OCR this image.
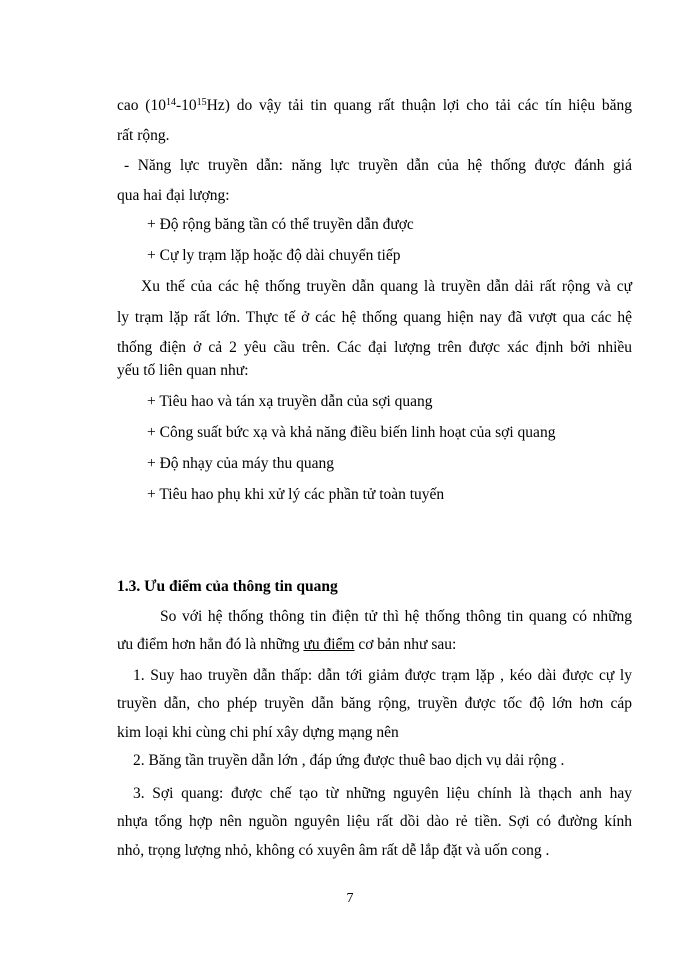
cao $(10^{14}-10^{15}Hz)$ do vậy tải tin quang rất thuận lợi cho tải các tín hiệu băng

rất rộng.

- Năng lực truyền dẫn: năng lực truyền dẫn của hệ thống được đánh giá

qua hai đại lượng:

+ Độ rộng băng tần có thể truyền dẫn được

+ Cự ly trạm lặp hoặc độ dài chuyển tiếp

Xu thế của các hệ thống truyền dẫn quang là truyền dẫn dải rất rộng và cự

ly trạm lặp rất lớn. Thực tế ở các hệ thống quang hiện nay đã vượt qua các hệ

thống điện ở cả 2 yêu cầu trên. Các đại lượng trên được xác định bởi nhiều

yếu tố liên quan như:

+ Tiêu hao và tán xạ truyền dẫn của sợi quang

+ Công suất bức xạ và khả năng điều biến linh hoạt của sợi quang

+ Độ nhạy của máy thu quang

+ Tiêu hao phụ khi xử lý các phần tử toàn tuyến

1.3. Ưu điểm của thông tin quang

So với hệ thống thông tin điện tử thì hệ thống thông tin quang có những

ưu điểm hơn hẳn đó là những ưu điểm cơ bản như sau:

1. Suy hao truyền dẫn thấp: dẫn tới giảm được trạm lặp , kéo dài được cự ly

truyền dẫn, cho phép truyền dẫn băng rộng, truyền được tốc độ lớn hơn cáp

kim loại khi cùng chi phí xây dựng mạng nên

2. Băng tần truyền dẫn lớn , đáp ứng được thuê bao dịch vụ dải rộng .

3. Sợi quang: được chế tạo từ những nguyên liệu chính là thạch anh hay

nhựa tổng hợp nên nguồn nguyên liệu rất dồi dào rẻ tiền. Sợi có đường kính

nhỏ, trọng lượng nhỏ, không có xuyên âm rất dễ lắp đặt và uốn cong .

7
